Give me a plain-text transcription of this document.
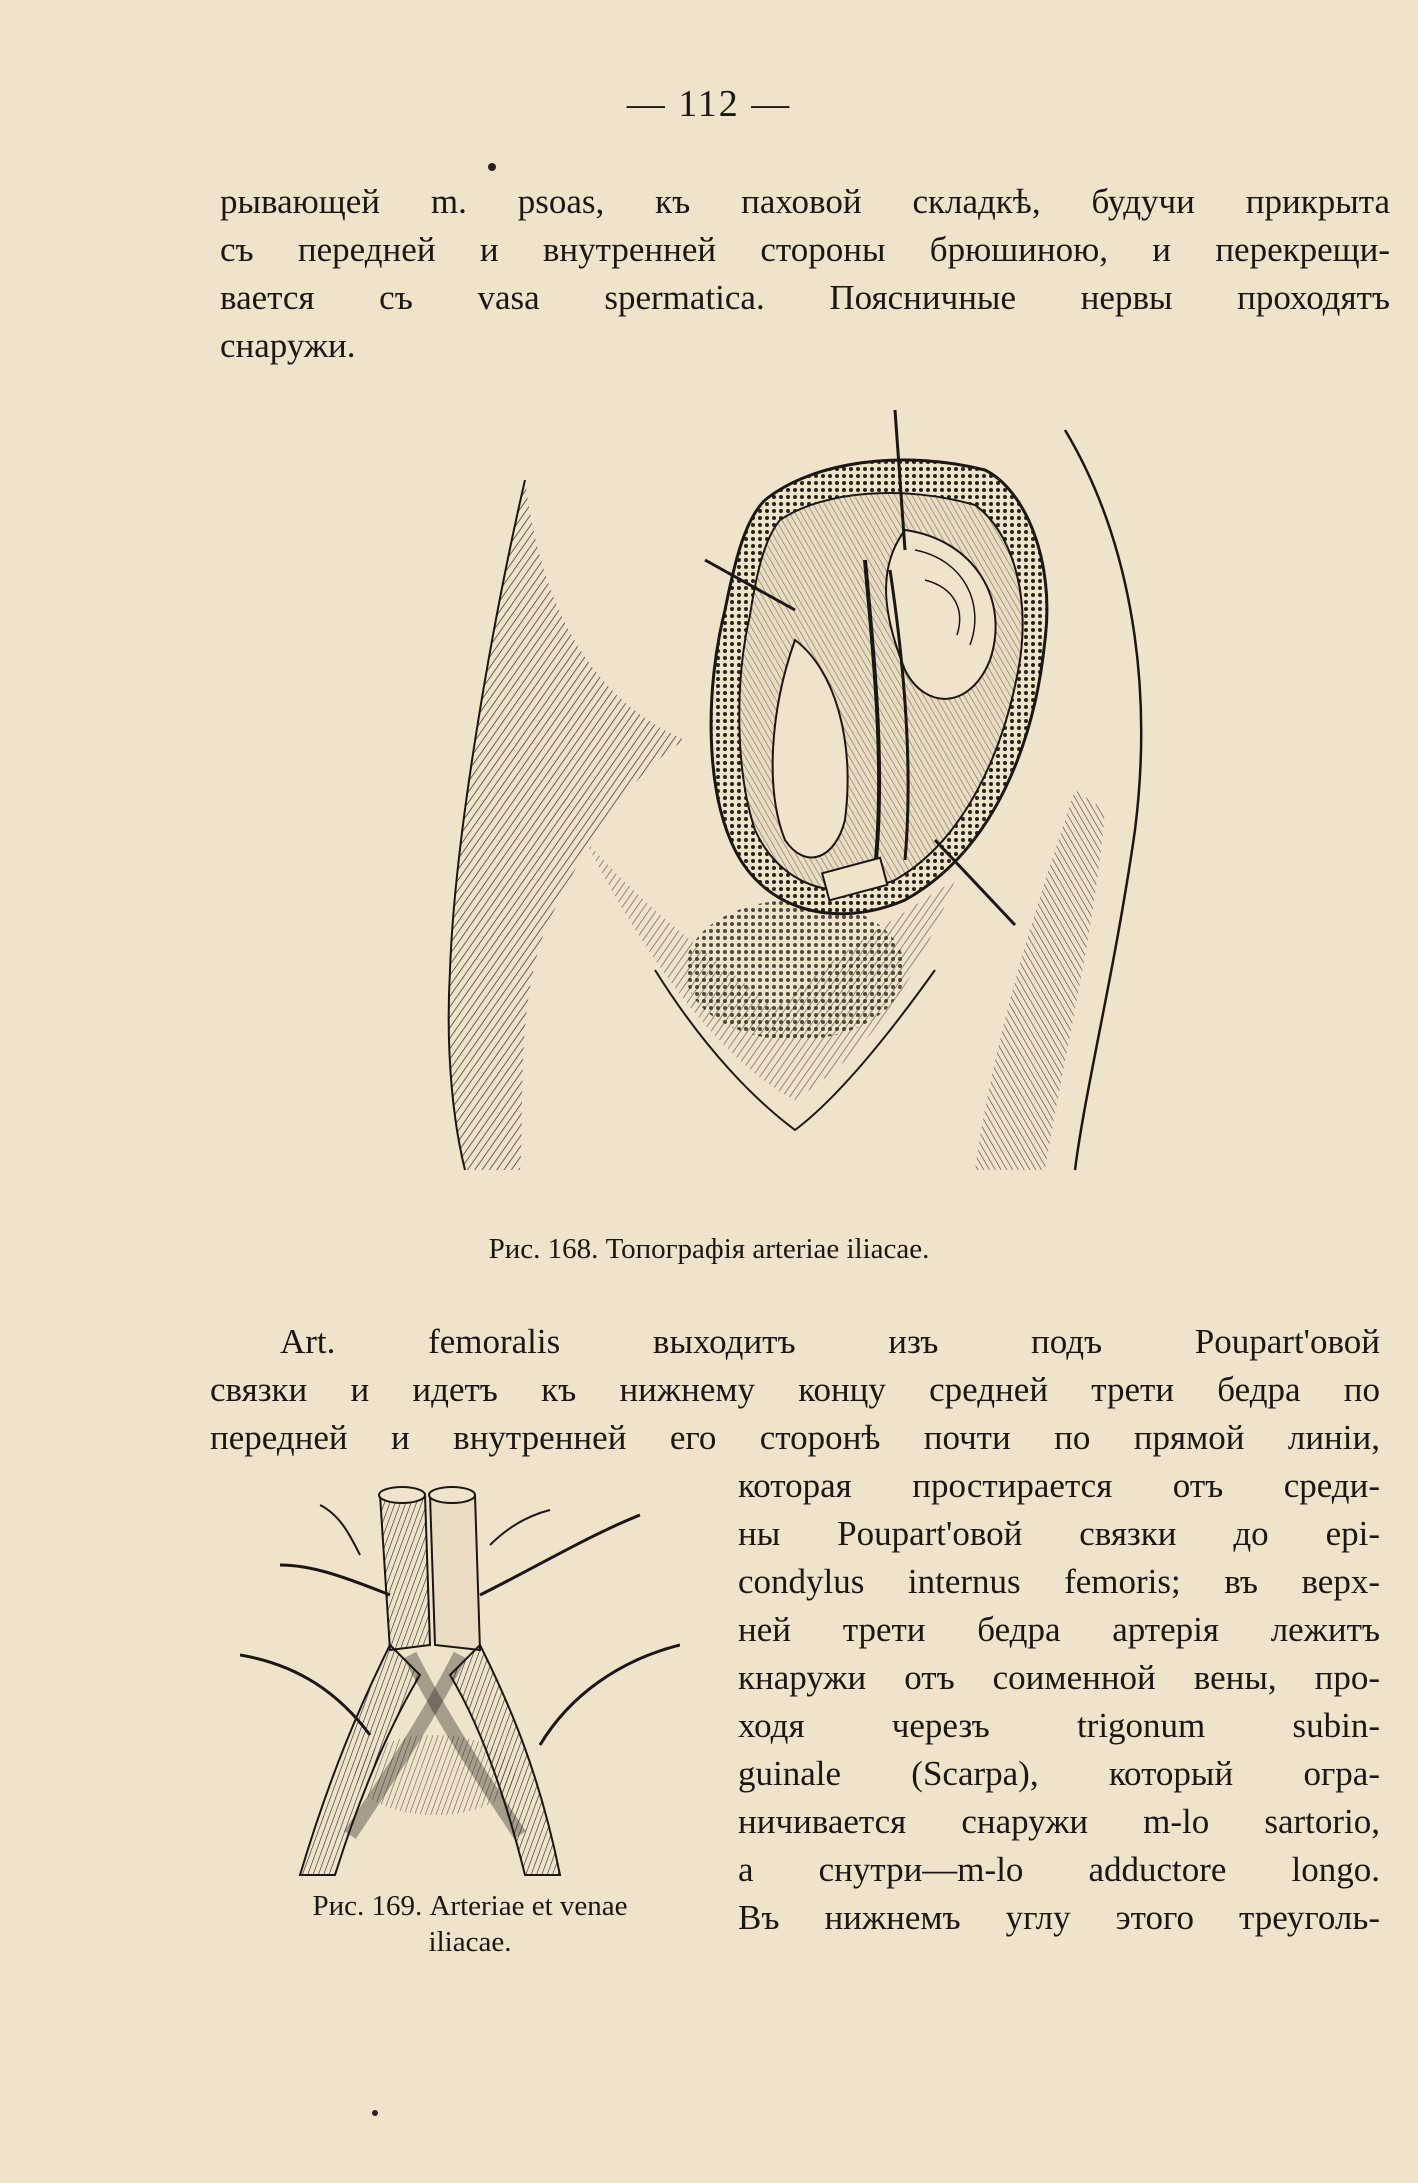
— 112 —

рывающей m. psoas, къ паховой складкѣ, будучи прикрыта
съ передней и внутренней стороны брюшиною, и перекрещи-
вается съ vasa spermatica. Поясничные нервы проходятъ
снаружи.

Рис. 168. Топографія arteriae iliacae.

Art. femoralis выходитъ изъ подъ Poupart'овой
связки и идетъ къ нижнему концу средней трети бедра по
передней и внутренней его сторонѣ почти по прямой линіи,

Рис. 169. Arteriae et venae
iliacae.

которая простирается отъ среди-
ны Poupart'овой связки до epi-
condylus internus femoris; въ верх-
ней трети бедра артерія лежитъ
кнаружи отъ соименной вены, про-
ходя черезъ trigonum subin-
guinale (Scarpa), который огра-
ничивается снаружи m-lo sartorio,
а снутри—m-lo adductore longo.
Въ нижнемъ углу этого треуголь-
